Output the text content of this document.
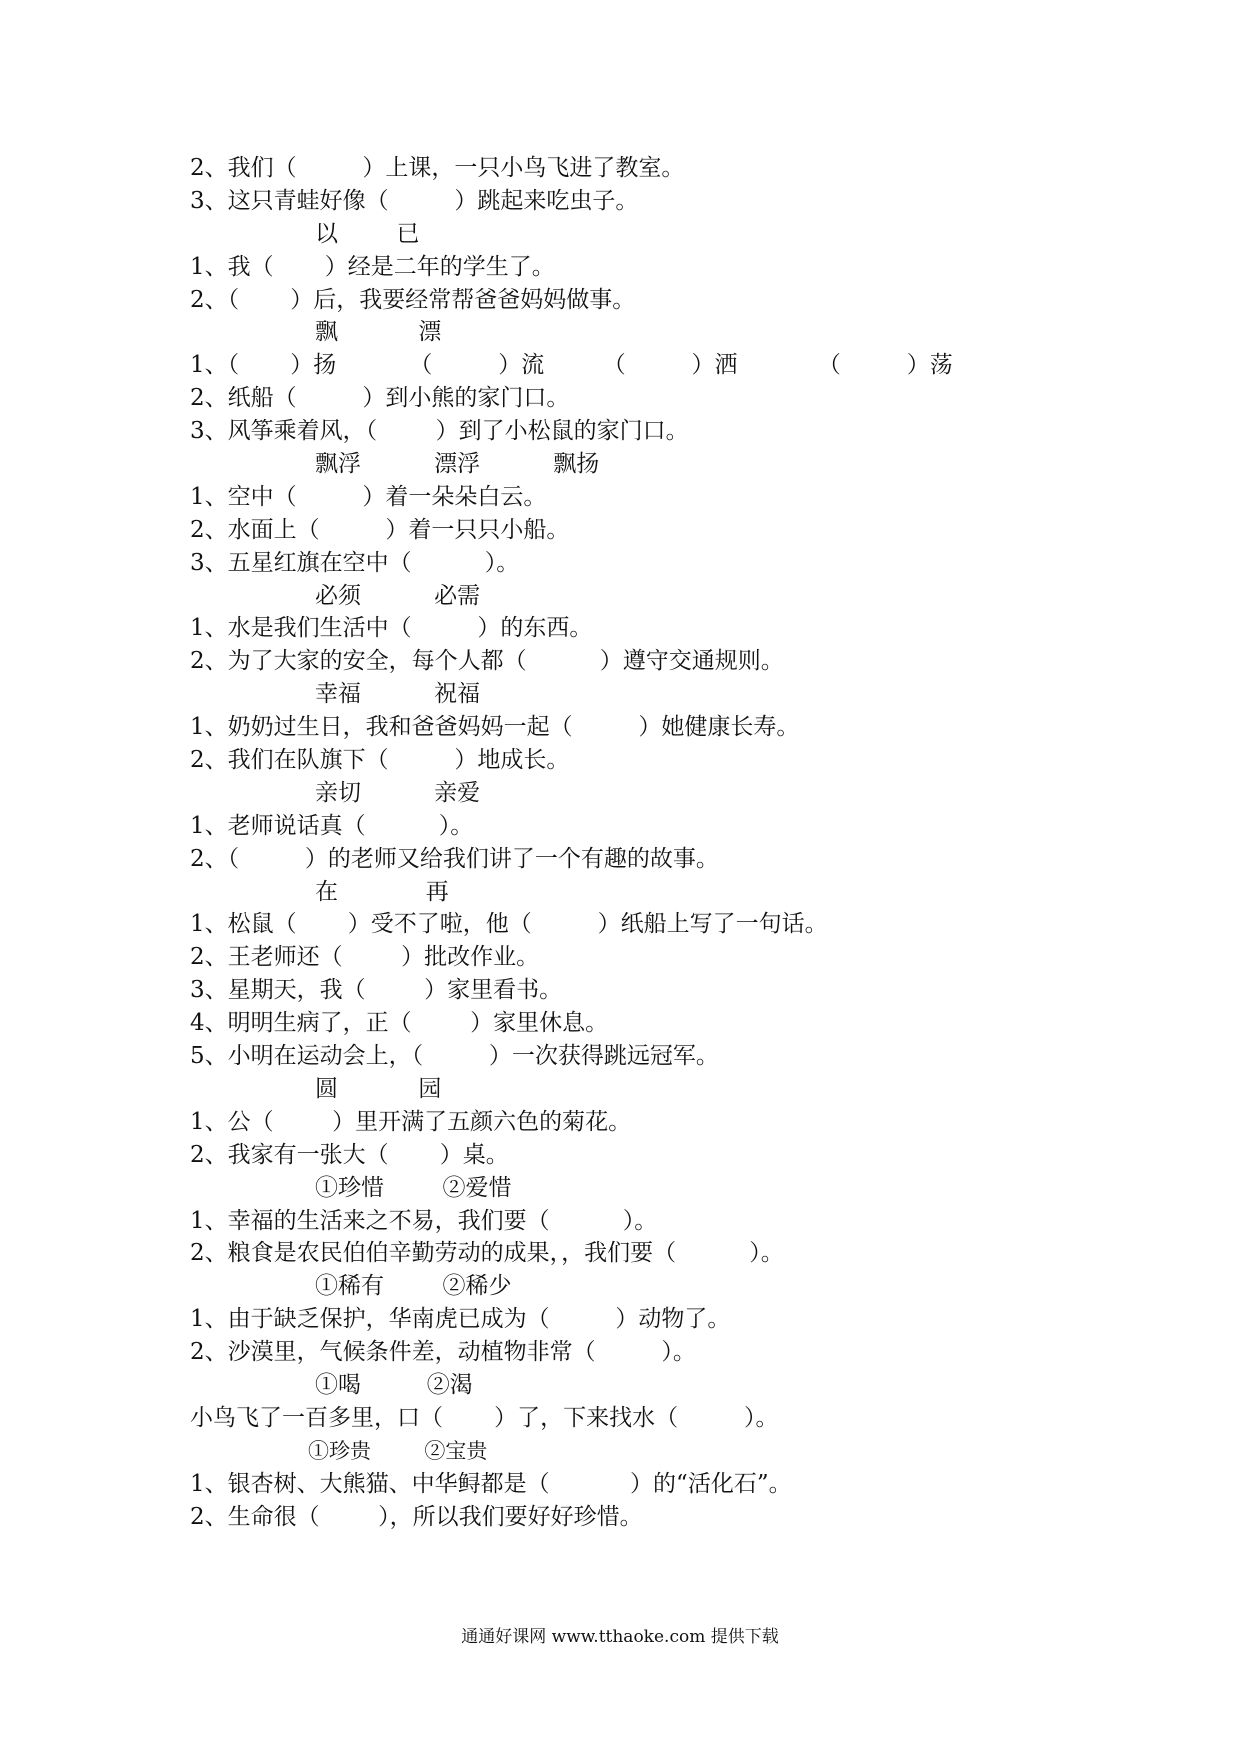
2、我们（         ）上课，一只小鸟飞进了教室。
3、这只青蛙好像（         ）跳起来吃虫子。
以        已
1、我（       ）经是二年的学生了。
2、（       ）后，我要经常帮爸爸妈妈做事。
飘           漂
1、（       ）扬          （         ）流        （         ）洒           （         ）荡
2、纸船（         ）到小熊的家门口。
3、风筝乘着风，（        ）到了小松鼠的家门口。
飘浮          漂浮          飘扬
1、空中（         ）着一朵朵白云。
2、水面上（         ）着一只只小船。
3、五星红旗在空中（          ）。
必须          必需
1、水是我们生活中（         ）的东西。
2、为了大家的安全，每个人都（          ）遵守交通规则。
幸福          祝福
1、奶奶过生日，我和爸爸妈妈一起（         ）她健康长寿。
2、我们在队旗下（         ）地成长。
亲切          亲爱
1、老师说话真（          ）。
2、（         ）的老师又给我们讲了一个有趣的故事。
在            再
1、松鼠（       ）受不了啦，他（         ）纸船上写了一句话。
2、王老师还（        ）批改作业。
3、星期天，我（        ）家里看书。
4、明明生病了，正（        ）家里休息。
5、小明在运动会上，（         ）一次获得跳远冠军。
圆           园
1、公（        ）里开满了五颜六色的菊花。
2、我家有一张大（       ）桌。
①珍惜        ②爱惜
1、幸福的生活来之不易，我们要（          ）。
2、粮食是农民伯伯辛勤劳动的成果，，我们要（          ）。
①稀有        ②稀少
1、由于缺乏保护，华南虎已成为（         ）动物了。
2、沙漠里，气候条件差，动植物非常（         ）。
①喝         ②渴
小鸟飞了一百多里，口（       ）了，下来找水（         ）。
①珍贵        ②宝贵
1、银杏树、大熊猫、中华鲟都是（           ）的“活化石”。
2、生命很（        ），所以我们要好好珍惜。
通通好课网 www.tthaoke.com 提供下载
